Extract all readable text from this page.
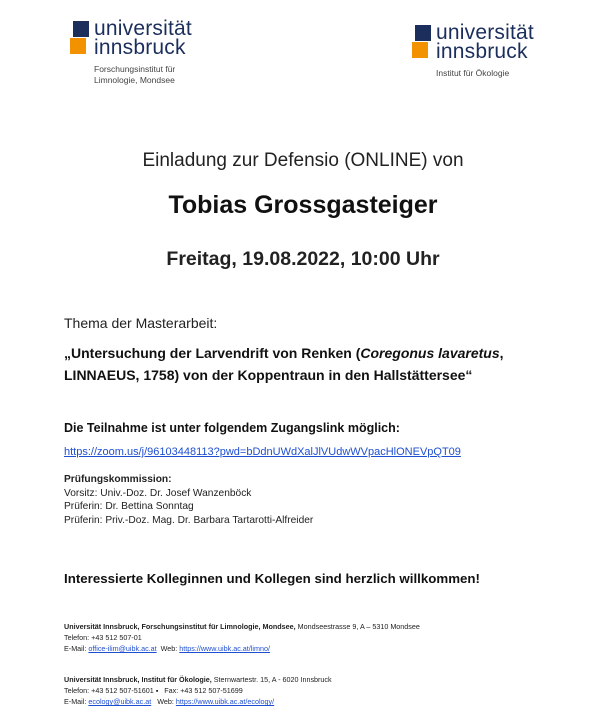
universität
innsbruck
Forschungsinstitut für
Limnologie, Mondsee
universität
innsbruck
Institut für Ökologie
Einladung zur Defensio (ONLINE) von
Tobias Grossgasteiger
Freitag, 19.08.2022, 10:00 Uhr
Thema der Masterarbeit:
„Untersuchung der Larvendrift von Renken (Coregonus lavaretus,
LINNAEUS, 1758) von der Koppentraun in den Hallstättersee“
Die Teilnahme ist unter folgendem Zugangslink möglich:
https://zoom.us/j/96103448113?pwd=bDdnUWdXalJlVUdwWVpacHlONEVpQT09
Prüfungskommission:
Vorsitz: Univ.-Doz. Dr. Josef Wanzenböck
Prüferin: Dr. Bettina Sonntag
Prüferin: Priv.-Doz. Mag. Dr. Barbara Tartarotti-Alfreider
Interessierte Kolleginnen und Kollegen sind herzlich willkommen!
Universität Innsbruck, Forschungsinstitut für Limnologie, Mondsee, Mondseestrasse 9, A – 5310 Mondsee
Telefon: +43 512 507-01
E-Mail: office-ilim@uibk.ac.at  Web: https://www.uibk.ac.at/limno/
Universität Innsbruck, Institut für Ökologie, Sternwartestr. 15, A - 6020 Innsbruck
Telefon: +43 512 507-51601 ▪   Fax: +43 512 507-51699
E-Mail: ecology@uibk.ac.at   Web: https://www.uibk.ac.at/ecology/
